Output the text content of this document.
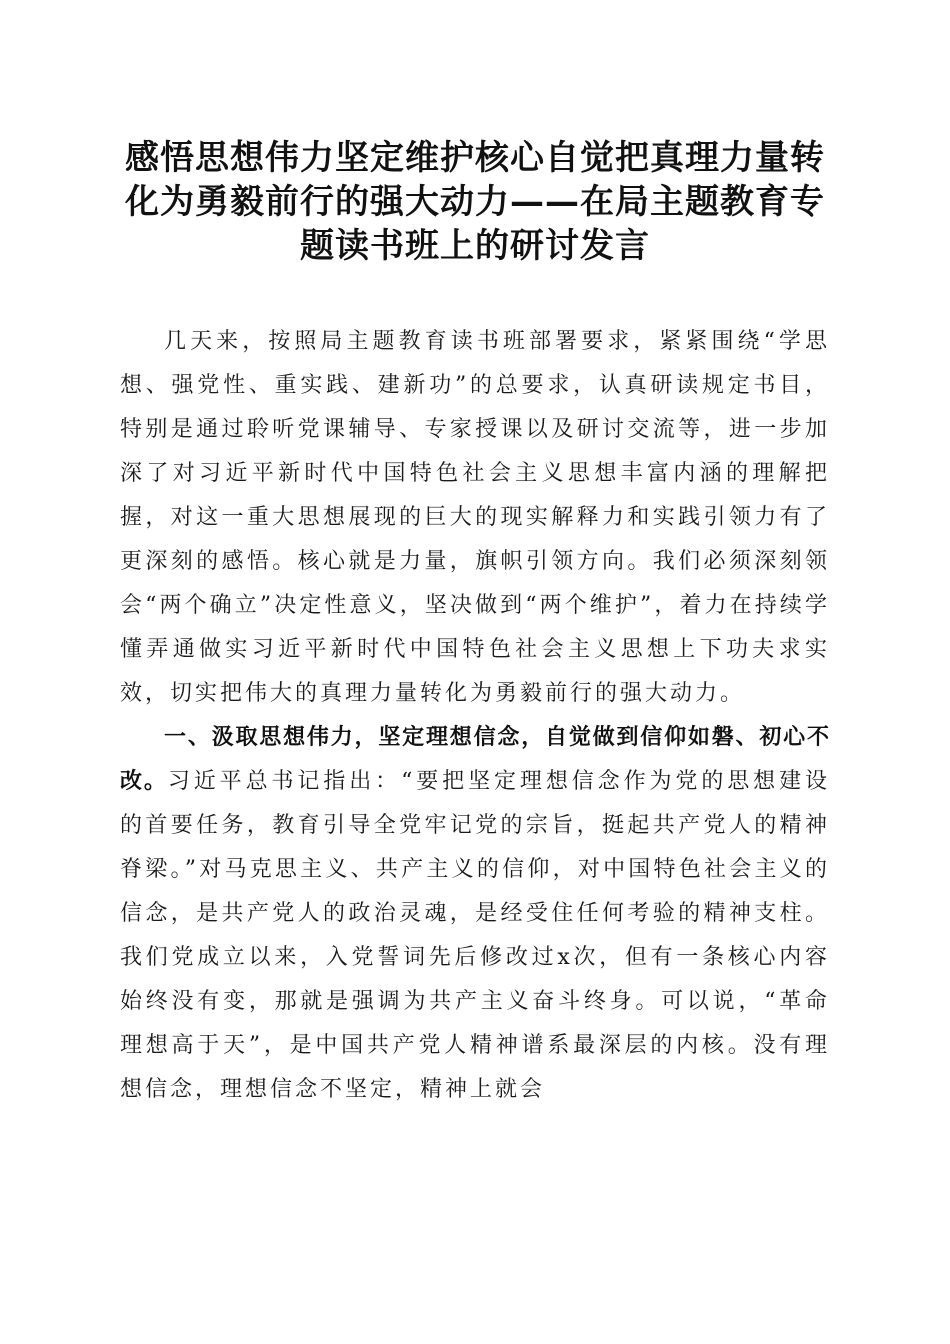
感悟思想伟力坚定维护核心自觉把真理力量转
化为勇毅前行的强大动力——在局主题教育专
题读书班上的研讨发言

几天来，按照局主题教育读书班部署要求，紧紧围绕“学思想、强党性、重实践、建新功”的总要求，认真研读规定书目，特别是通过聆听党课辅导、专家授课以及研讨交流等，进一步加深了对习近平新时代中国特色社会主义思想丰富内涵的理解把握，对这一重大思想展现的巨大的现实解释力和实践引领力有了更深刻的感悟。核心就是力量，旗帜引领方向。我们必须深刻领会“两个确立”决定性意义，坚决做到“两个维护”，着力在持续学懂弄通做实习近平新时代中国特色社会主义思想上下功夫求实效，切实把伟大的真理力量转化为勇毅前行的强大动力。

一、汲取思想伟力，坚定理想信念，自觉做到信仰如磐、初心不改。习近平总书记指出：“要把坚定理想信念作为党的思想建设的首要任务，教育引导全党牢记党的宗旨，挺起共产党人的精神脊梁。”对马克思主义、共产主义的信仰，对中国特色社会主义的信念，是共产党人的政治灵魂，是经受住任何考验的精神支柱。我们党成立以来，入党誓词先后修改过x次，但有一条核心内容始终没有变，那就是强调为共产主义奋斗终身。可以说，“革命理想高于天”，是中国共产党人精神谱系最深层的内核。没有理想信念，理想信念不坚定，精神上就会
